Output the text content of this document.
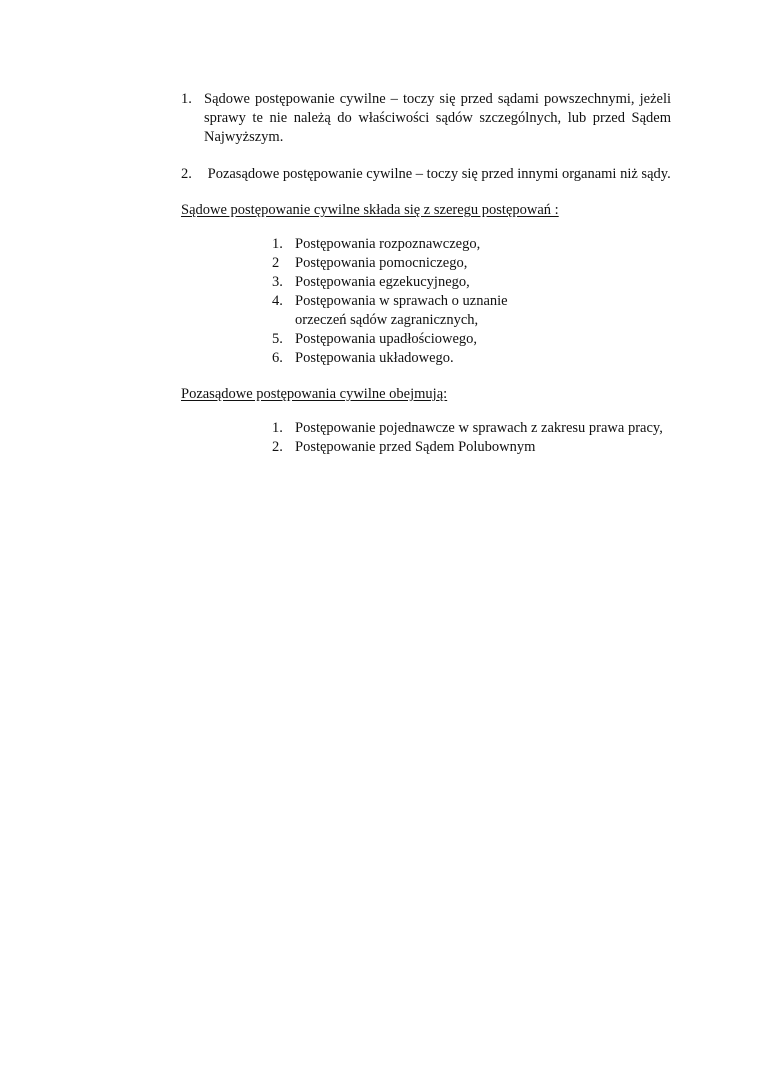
1. Sądowe postępowanie cywilne – toczy się przed sądami powszechnymi, jeżeli sprawy te nie należą do właściwości sądów szczególnych, lub przed Sądem Najwyższym.
2. Pozasądowe postępowanie cywilne – toczy się przed innymi organami niż sądy.

Sądowe postępowanie cywilne składa się z szeregu postępowań :

1. Postępowania rozpoznawczego,
2 Postępowania pomocniczego,
3. Postępowania egzekucyjnego,
4. Postępowania w sprawach o uznanie orzeczeń sądów zagranicznych,
5. Postępowania upadłościowego,
6. Postępowania układowego.

Pozasądowe postępowania cywilne obejmują:

1. Postępowanie pojednawcze w sprawach z zakresu prawa pracy,
2. Postępowanie przed Sądem Polubownym
